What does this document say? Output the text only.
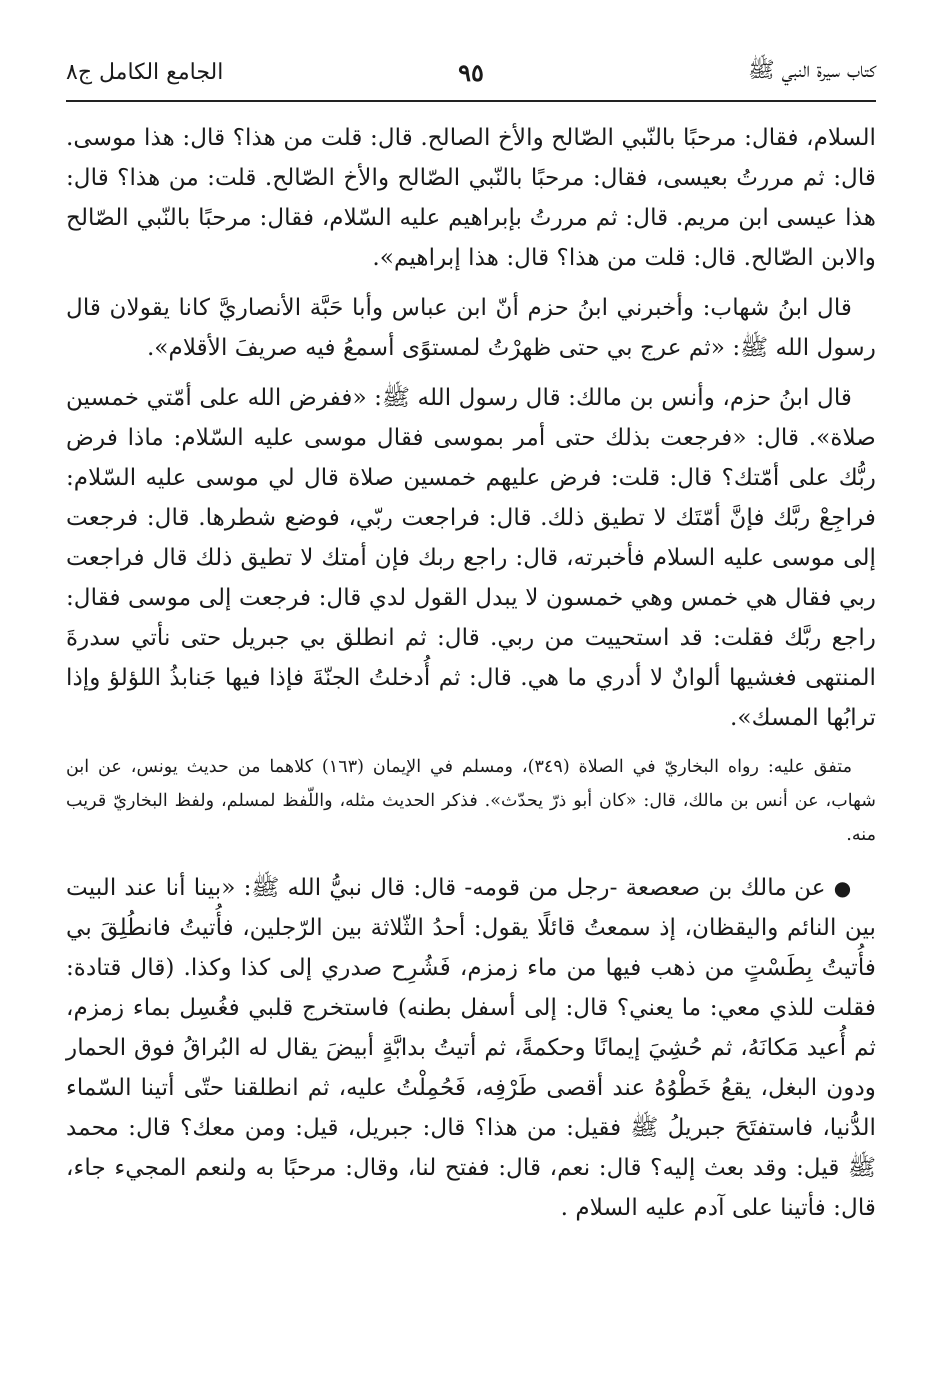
كتاب سيرة النبي ﷺ
٩٥
الجامع الكامل ج٨

السلام، فقال: مرحبًا بالنّبي الصّالح والأخ الصالح. قال: قلت من هذا؟ قال: هذا موسى. قال: ثم مررتُ بعيسى، فقال: مرحبًا بالنّبي الصّالح والأخ الصّالح. قلت: من هذا؟ قال: هذا عيسى ابن مريم. قال: ثم مررتُ بإبراهيم عليه السّلام، فقال: مرحبًا بالنّبي الصّالح والابن الصّالح. قال: قلت من هذا؟ قال: هذا إبراهيم».

قال ابنُ شهاب: وأخبرني ابنُ حزم أنّ ابن عباس وأبا حَبَّة الأنصاريَّ كانا يقولان قال رسول الله ﷺ: «ثم عرج بي حتى ظهرْتُ لمستوًى أسمعُ فيه صريفَ الأقلام».

قال ابنُ حزم، وأنس بن مالك: قال رسول الله ﷺ: «ففرض الله على أمّتي خمسين صلاة». قال: «فرجعت بذلك حتى أمر بموسى فقال موسى عليه السّلام: ماذا فرض ربُّك على أمّتك؟ قال: قلت: فرض عليهم خمسين صلاة قال لي موسى عليه السّلام: فراجِعْ ربَّك فإنَّ أمّتَك لا تطيق ذلك. قال: فراجعت ربّي، فوضع شطرها. قال: فرجعت إلى موسى عليه السلام فأخبرته، قال: راجع ربك فإن أمتك لا تطيق ذلك قال فراجعت ربي فقال هي خمس وهي خمسون لا يبدل القول لدي قال: فرجعت إلى موسى فقال: راجع ربَّك فقلت: قد استحييت من ربي. قال: ثم انطلق بي جبريل حتى نأتي سدرةَ المنتهى فغشيها ألوانٌ لا أدري ما هي. قال: ثم أُدخلتُ الجنّةَ فإذا فيها جَنابذُ اللؤلؤ وإذا ترابُها المسك».

متفق عليه: رواه البخاريّ في الصلاة (٣٤٩)، ومسلم في الإيمان (١٦٣) كلاهما من حديث يونس، عن ابن شهاب، عن أنس بن مالك، قال: «كان أبو ذرّ يحدّث». فذكر الحديث مثله، واللّفظ لمسلم، ولفظ البخاريّ قريب منه.

● عن مالك بن صعصعة -رجل من قومه- قال: قال نبيُّ الله ﷺ: «بينا أنا عند البيت بين النائم واليقظان، إذ سمعتُ قائلًا يقول: أحدُ الثّلاثة بين الرّجلين، فأُتيتُ فانطُلِقَ بي فأُتيتُ بِطَسْتٍ من ذهب فيها من ماء زمزم، فَشُرِح صدري إلى كذا وكذا. (قال قتادة: فقلت للذي معي: ما يعني؟ قال: إلى أسفل بطنه) فاستخرج قلبي فغُسِل بماء زمزم، ثم أُعيد مَكانَهُ، ثم حُشِيَ إيمانًا وحكمةً، ثم أتيتُ بدابَّةٍ أبيضَ يقال له البُراقُ فوق الحمار ودون البغل، يقعُ خَطْوُهُ عند أقصى طَرْفِه، فَحُمِلْتُ عليه، ثم انطلقنا حتّى أتينا السّماء الدُّنيا، فاستفتَحَ جبريلُ ﷺ فقيل: من هذا؟ قال: جبريل، قيل: ومن معك؟ قال: محمد ﷺ قيل: وقد بعث إليه؟ قال: نعم، قال: ففتح لنا، وقال: مرحبًا به ولنعم المجيء جاء، قال: فأتينا على آدم عليه السلام .
